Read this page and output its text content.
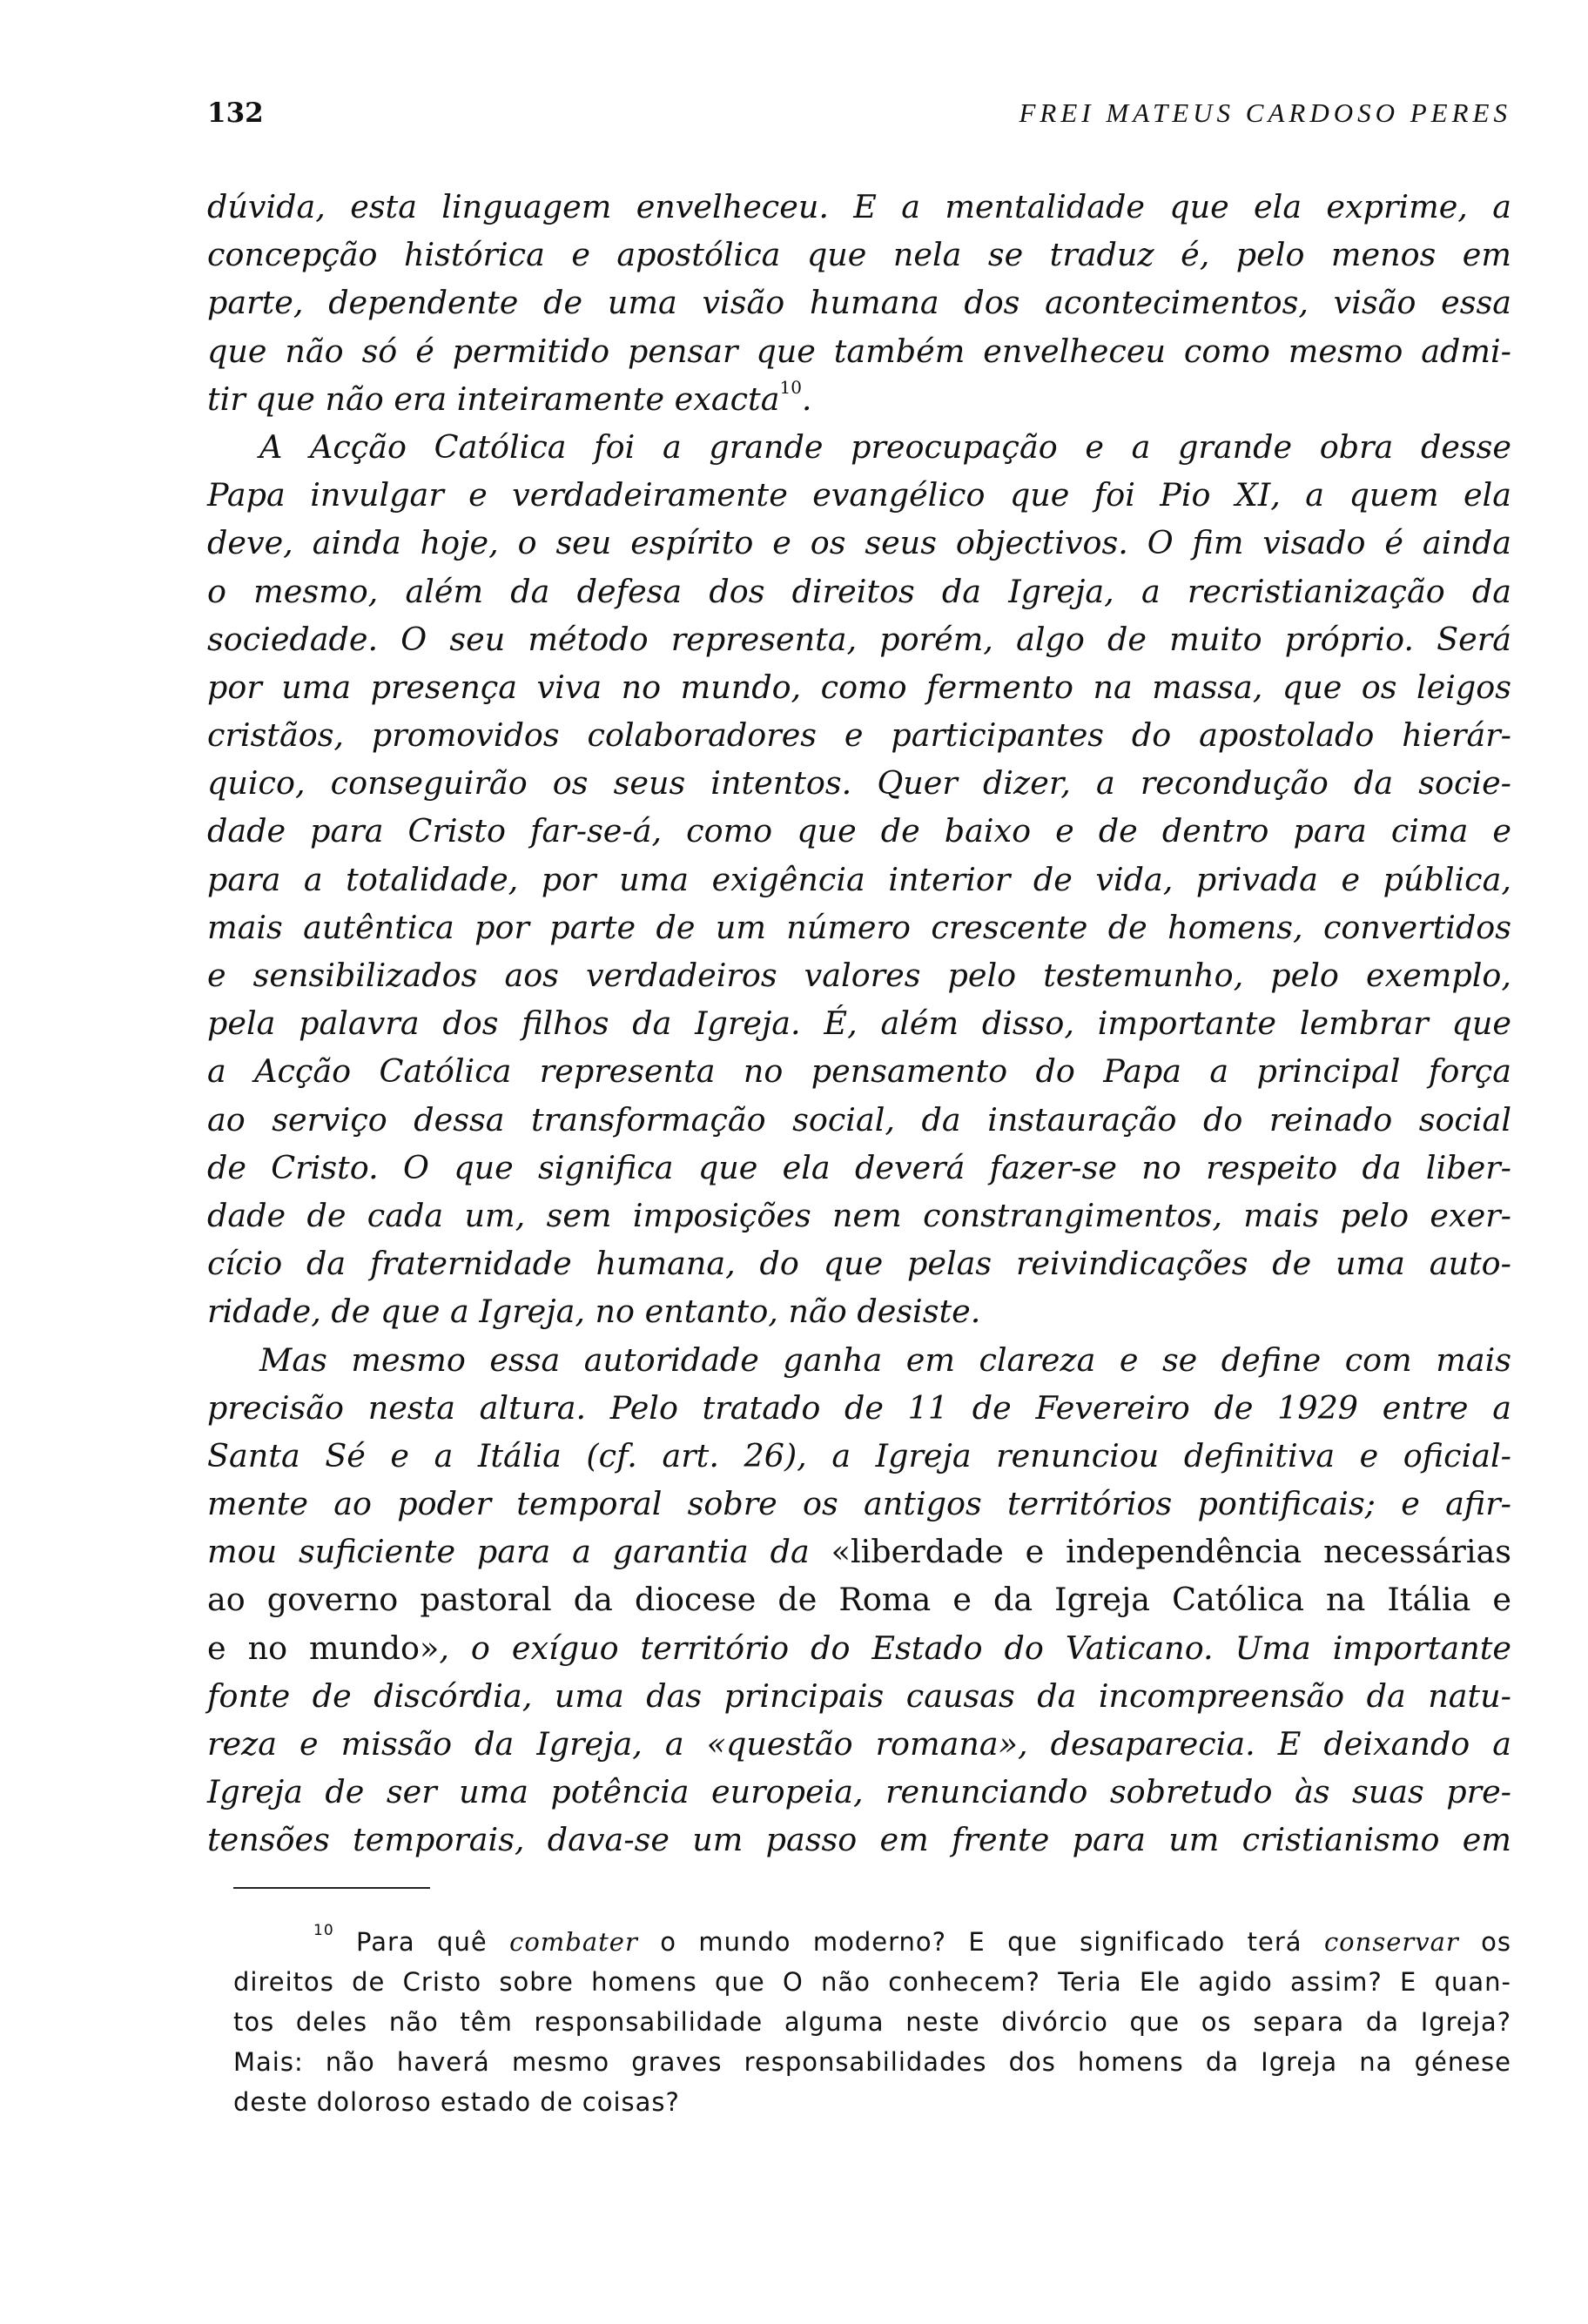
132	FREI MATEUS CARDOSO PERES
dúvida, esta linguagem envelheceu. E a mentalidade que ela exprime, a
concepção histórica e apostólica que nela se traduz é, pelo menos em
parte, dependente de uma visão humana dos acontecimentos, visão essa
que não só é permitido pensar que também envelheceu como mesmo admi-
tir que não era inteiramente exacta$^{10}$.
A Acção Católica foi a grande preocupação e a grande obra desse
Papa invulgar e verdadeiramente evangélico que foi Pio XI, a quem ela
deve, ainda hoje, o seu espírito e os seus objectivos. O fim visado é ainda
o mesmo, além da defesa dos direitos da Igreja, a recristianização da
sociedade. O seu método representa, porém, algo de muito próprio. Será
por uma presença viva no mundo, como fermento na massa, que os leigos
cristãos, promovidos colaboradores e participantes do apostolado hierár-
quico, conseguirão os seus intentos. Quer dizer, a recondução da socie-
dade para Cristo far-se-á, como que de baixo e de dentro para cima e
para a totalidade, por uma exigência interior de vida, privada e pública,
mais autêntica por parte de um número crescente de homens, convertidos
e sensibilizados aos verdadeiros valores pelo testemunho, pelo exemplo,
pela palavra dos filhos da Igreja. É, além disso, importante lembrar que
a Acção Católica representa no pensamento do Papa a principal força
ao serviço dessa transformação social, da instauração do reinado social
de Cristo. O que significa que ela deverá fazer-se no respeito da liber-
dade de cada um, sem imposições nem constrangimentos, mais pelo exer-
cício da fraternidade humana, do que pelas reivindicações de uma auto-
ridade, de que a Igreja, no entanto, não desiste.
Mas mesmo essa autoridade ganha em clareza e se define com mais
precisão nesta altura. Pelo tratado de 11 de Fevereiro de 1929 entre a
Santa Sé e a Itália (cf. art. 26), a Igreja renunciou definitiva e oficial-
mente ao poder temporal sobre os antigos territórios pontificais; e afir-
mou suficiente para a garantia da «liberdade e independência necessárias
ao governo pastoral da diocese de Roma e da Igreja Católica na Itália e
e no mundo», o exíguo território do Estado do Vaticano. Uma importante
fonte de discórdia, uma das principais causas da incompreensão da natu-
reza e missão da Igreja, a «questão romana», desaparecia. E deixando a
Igreja de ser uma potência europeia, renunciando sobretudo às suas pre-
tensões temporais, dava-se um passo em frente para um cristianismo em
$^{10}$ Para quê combater o mundo moderno? E que significado terá conservar os
direitos de Cristo sobre homens que O não conhecem? Teria Ele agido assim? E quan-
tos deles não têm responsabilidade alguma neste divórcio que os separa da Igreja?
Mais: não haverá mesmo graves responsabilidades dos homens da Igreja na génese
deste doloroso estado de coisas?
